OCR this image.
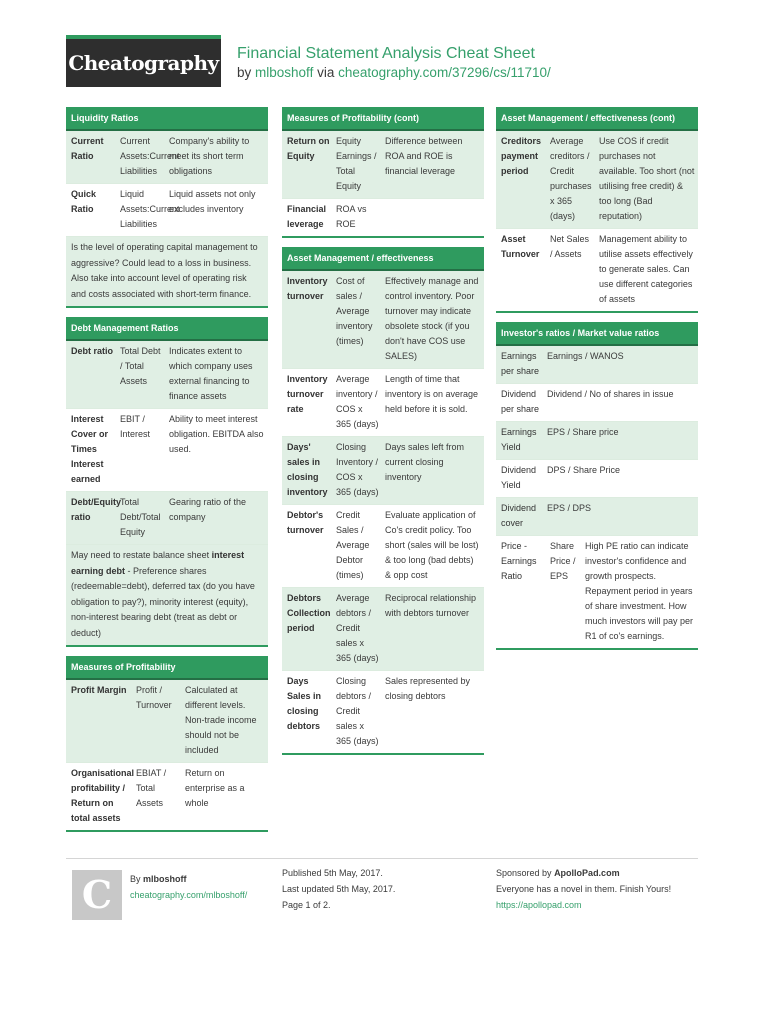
Cheatography Financial Statement Analysis Cheat Sheet
by mlboshoff via cheatography.com/37296/cs/11710/
Liquidity Ratios
Current Ratio
Current Assets:Current Liabilities
Company's ability to meet its short term obligations
Quick Ratio
Liquid Assets:Current Liabilities
Liquid assets not only excludes inventory
Is the level of operating capital management to aggressive? Could lead to a loss in business. Also take into account level of operating risk and costs associated with short-term finance.
Debt Management Ratios
Debt ratio Total Debt / Total Assets
Indicates extent to which company uses external financing to finance assets
Interest Cover or Times Interest earned
EBIT / Interest
Ability to meet interest obligation. EBITDA also used.
Debt/Equity ratio
Total Debt/Total Equity
Gearing ratio of the company
May need to restate balance sheet interest earning debt - Preference shares (redeemable=debt), deferred tax (do you have obligation to pay?), minority interest (equity), non-interest bearing debt (treat as debt or deduct)
Measures of Profitability
Profit Margin	Profit / Turnover
Calculated at different levels. Non-trade income should not be included
Organisational profitability / Return on total assets
EBIAT / Total Assets
Return on enterprise as a whole
Measures of Profitability (cont)
Return on Equity
Equity Earnings / Total Equity
Difference between ROA and ROE is financial leverage
Financial leverage
ROA vs ROE
Asset Management / effectiveness
Inventory turnover
Cost of sales / Average inventory (times)
Effectively manage and control inventory. Poor turnover may indicate obsolete stock (if you don't have COS use SALES)
Inventory turnover rate
Average inventory / COS x 365 (days)
Length of time that inventory is on average held before it is sold.
Days' sales in closing inventory
Closing Inventory / COS x 365 (days)
Days sales left from current closing inventory
Debtor's turnover
Credit Sales / Average Debtor (times)
Evaluate application of Co's credit policy. Too short (sales will be lost) & too long (bad debts) & opp cost
Debtors Collection period
Average debtors / Credit sales x 365 (days)
Reciprocal relationship with debtors turnover
Days Sales in closing debtors
Closing debtors / Credit sales x 365 (days)
Sales represented by closing debtors
Asset Management / effectiveness (cont)
Creditors payment period
Average creditors / Credit purchases x 365 (days)
Use COS if credit purchases not available. Too short (not utilising free credit) & too long (Bad reputation)
Asset Turnover
Net Sales / Assets
Management ability to utilise assets effectively to generate sales. Can use different categories of assets
Investor's ratios / Market value ratios
Earnings per share
Earnings / WANOS
Dividend per share
Dividend / No of shares in issue
Earnings Yield
EPS / Share price
Dividend Yield
DPS / Share Price
Dividend cover
EPS / DPS
Price - Earnings Ratio
Share Price / EPS
High PE ratio can indicate investor's confidence and growth prospects. Repayment period in years of share investment. How much investors will pay per R1 of co's earnings.
C	By mlboshoff
cheatography.com/mlboshoff/
Published 5th May, 2017.
Last updated 5th May, 2017.
Page 1 of 2.
Sponsored by ApolloPad.com
Everyone has a novel in them. Finish Yours!
https://apollopad.com
